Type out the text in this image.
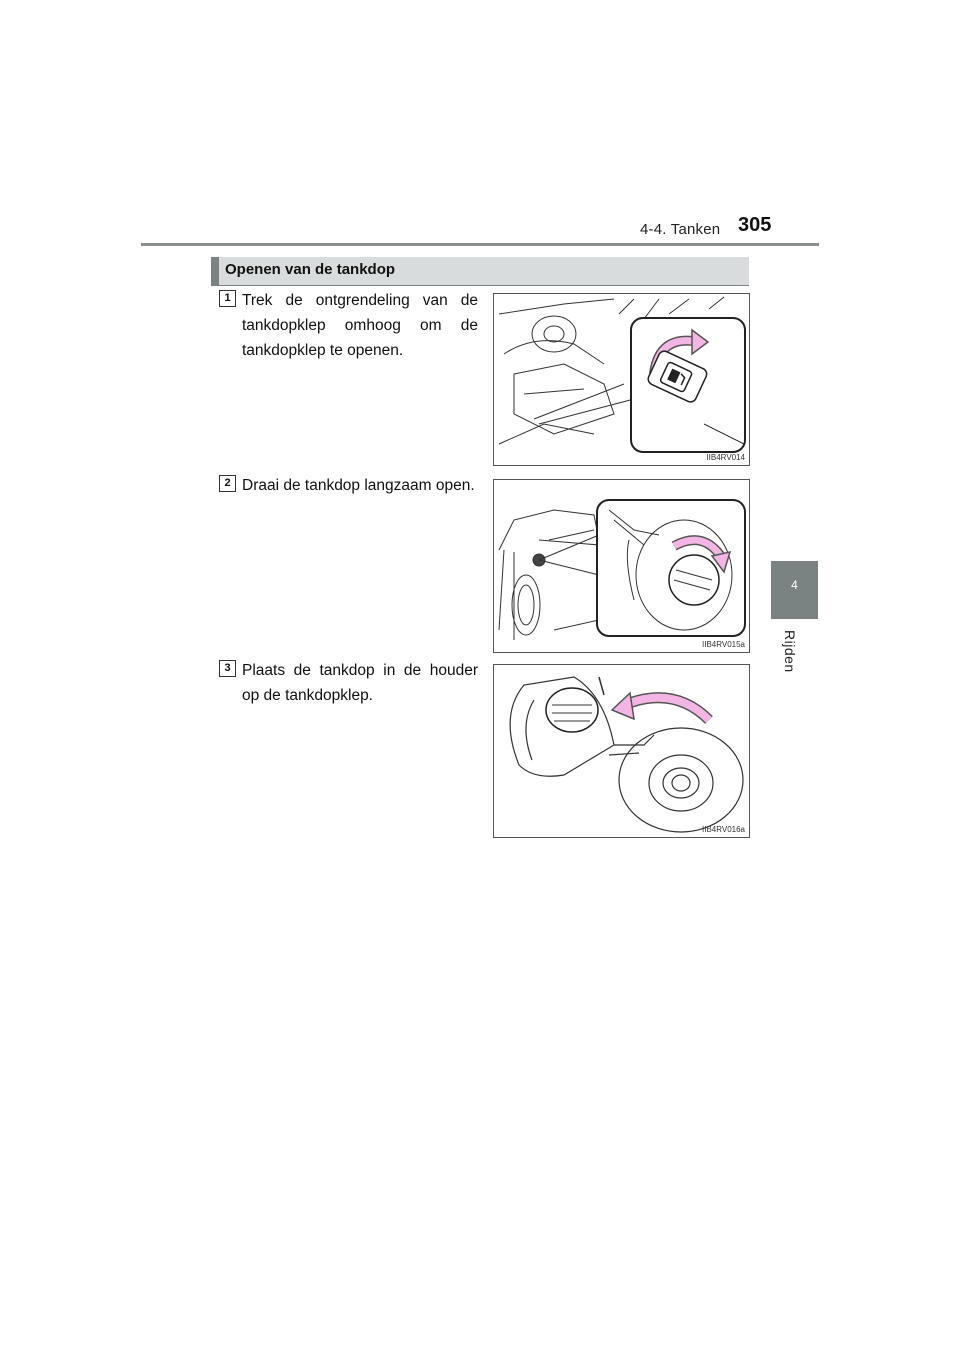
4-4. Tanken 305
4
Rijden
Openen van de tankdop
1 Trek de ontgrendeling van de tankdopklep omhoog om de tankdopklep te openen.
IIB4RV014
2 Draai de tankdop langzaam open.
IIB4RV015a
3 Plaats de tankdop in de houder op de tankdopklep.
IIB4RV016a
